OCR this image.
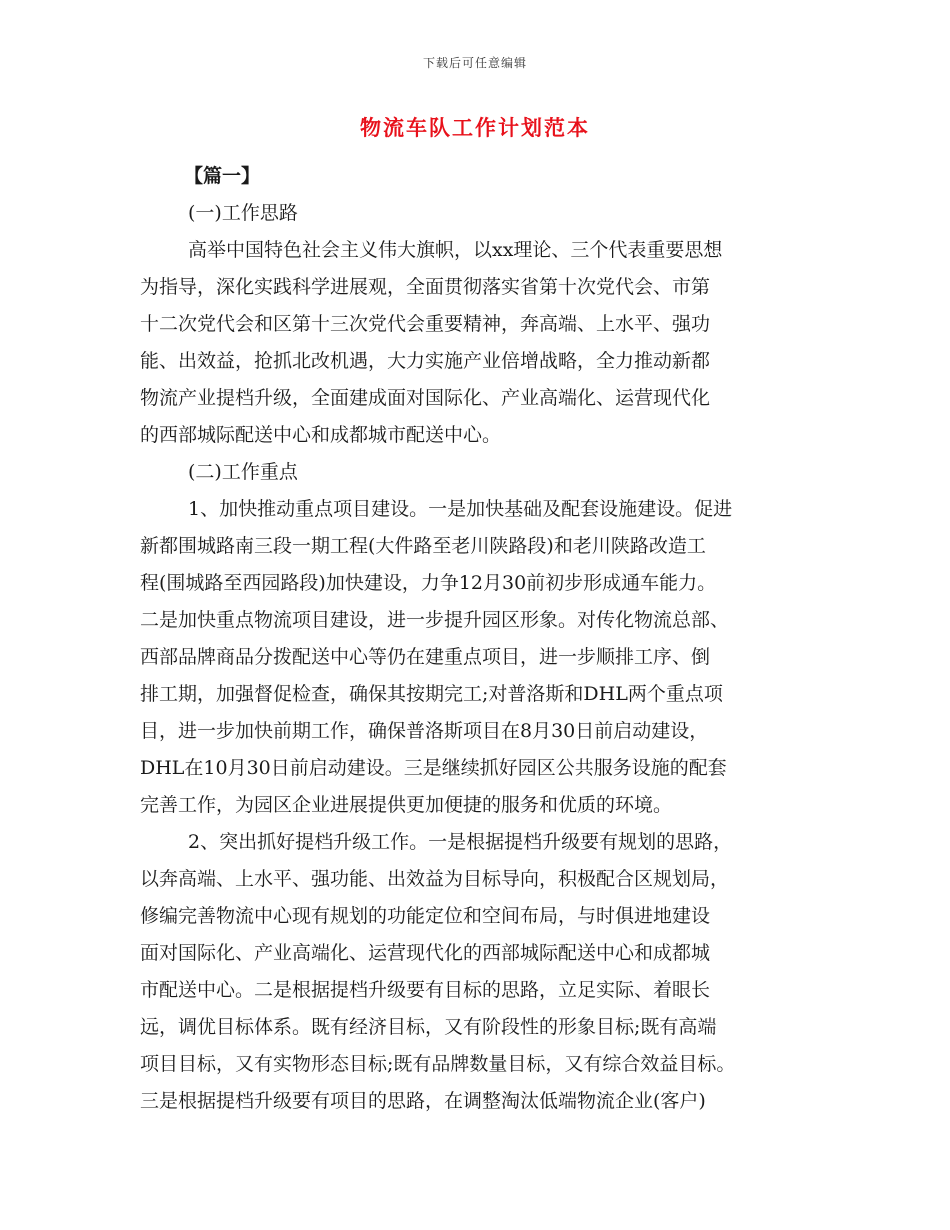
下载后可任意编辑
物流车队工作计划范本
【篇一】
(一)工作思路
高举中国特色社会主义伟大旗帜，以xx理论、三个代表重要思想
为指导，深化实践科学进展观，全面贯彻落实省第十次党代会、市第
十二次党代会和区第十三次党代会重要精神，奔高端、上水平、强功
能、出效益，抢抓北改机遇，大力实施产业倍增战略，全力推动新都
物流产业提档升级，全面建成面对国际化、产业高端化、运营现代化
的西部城际配送中心和成都城市配送中心。
(二)工作重点
1、加快推动重点项目建设。一是加快基础及配套设施建设。促进
新都围城路南三段一期工程(大件路至老川陕路段)和老川陕路改造工
程(围城路至西园路段)加快建设，力争12月30前初步形成通车能力。
二是加快重点物流项目建设，进一步提升园区形象。对传化物流总部、
西部品牌商品分拨配送中心等仍在建重点项目，进一步顺排工序、倒
排工期，加强督促检查，确保其按期完工;对普洛斯和DHL两个重点项
目，进一步加快前期工作，确保普洛斯项目在8月30日前启动建设，
DHL在10月30日前启动建设。三是继续抓好园区公共服务设施的配套
完善工作，为园区企业进展提供更加便捷的服务和优质的环境。
2、突出抓好提档升级工作。一是根据提档升级要有规划的思路，
以奔高端、上水平、强功能、出效益为目标导向，积极配合区规划局，
修编完善物流中心现有规划的功能定位和空间布局，与时俱进地建设
面对国际化、产业高端化、运营现代化的西部城际配送中心和成都城
市配送中心。二是根据提档升级要有目标的思路，立足实际、着眼长
远，调优目标体系。既有经济目标，又有阶段性的形象目标;既有高端
项目目标，又有实物形态目标;既有品牌数量目标，又有综合效益目标。
三是根据提档升级要有项目的思路，在调整淘汰低端物流企业(客户)
